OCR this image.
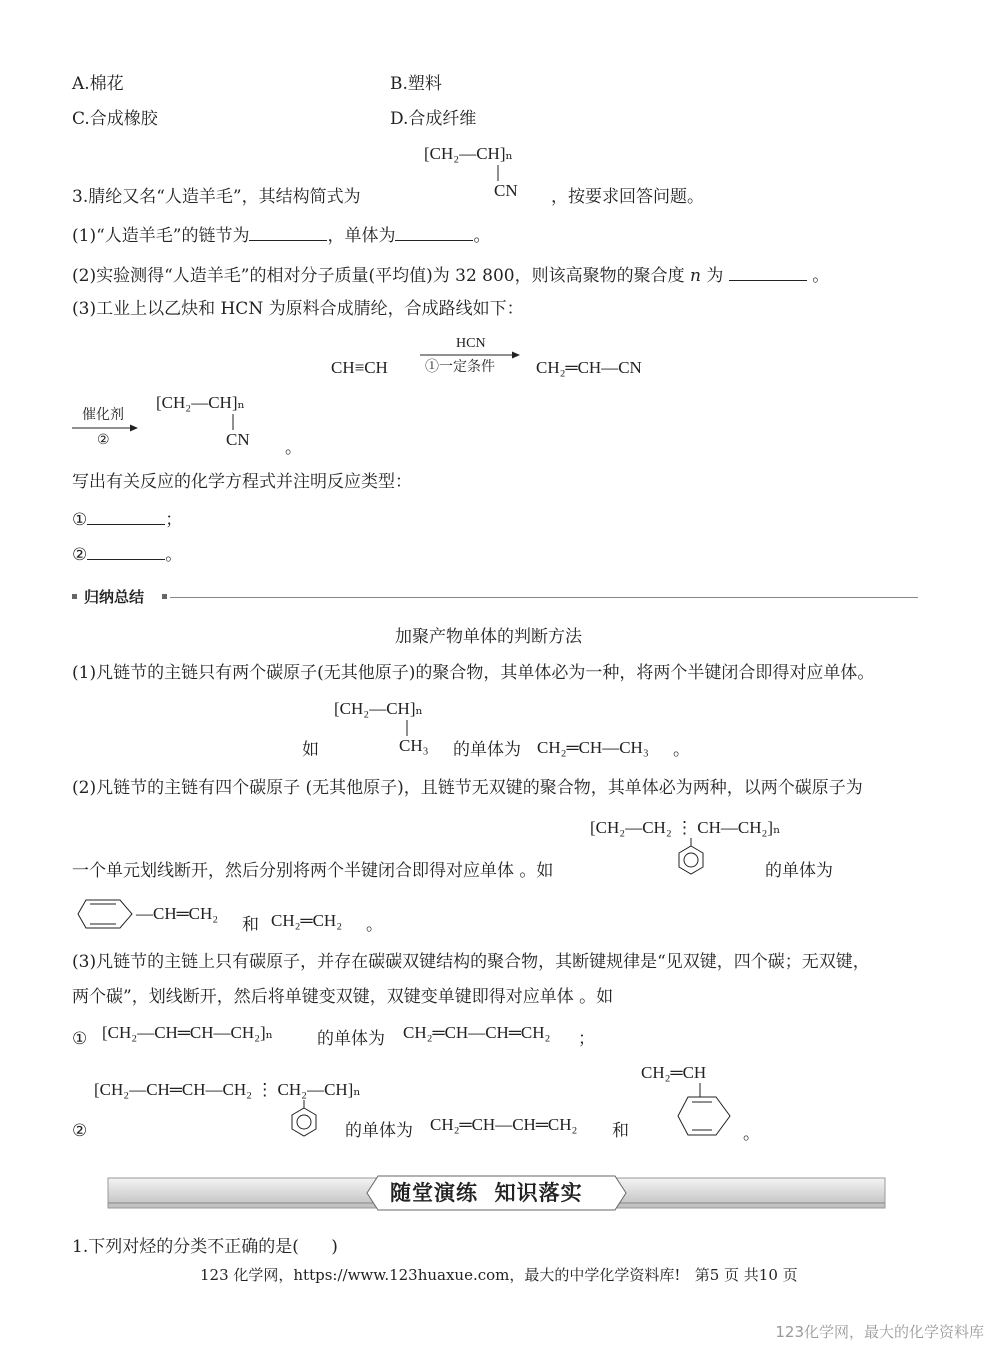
A.棉花	B.塑料
C.合成橡胶	D.合成纤维
[CH₂—CH]ₙ
CN
3.腈纶又名“人造羊毛”，其结构简式为	，按要求回答问题。
(1)“人造羊毛”的链节为	，单体为	。
(2)实验测得“人造羊毛”的相对分子质量(平均值)为 32 800，则该高聚物的聚合度 n 为	。
(3)工业上以乙炔和 HCN 为原料合成腈纶，合成路线如下：
CH≡CH
HCN
①一定条件 CH₂═CH—CN
催化剂
②
[CH₂—CH]ₙ
CN 。
写出有关反应的化学方程式并注明反应类型：
①	；
②	。
归纳总结
加聚产物单体的判断方法
(1)凡链节的主链只有两个碳原子(无其他原子)的聚合物，其单体必为一种，将两个半键闭合即得对应单体。
[CH₂—CH]ₙ
CH₃
如	的单体为 CH₂═CH—CH₃ 。
(2)凡链节的主链有四个碳原子 (无其他原子)，且链节无双键的聚合物，其单体必为两种，以两个碳原子为
[CH₂—CH₂ ⋮ CH—CH₂]ₙ
一个单元划线断开，然后分别将两个半键闭合即得对应单体 。如	的单体为
—CH═CH₂
和 CH₂═CH₂ 。
(3)凡链节的主链上只有碳原子，并存在碳碳双键结构的聚合物，其断键规律是“见双键，四个碳；无双键，
两个碳”，划线断开，然后将单键变双键，双键变单键即得对应单体 。如
① [CH₂—CH═CH—CH₂]ₙ	的单体为 CH₂═CH—CH═CH₂ ；
[CH₂—CH═CH—CH₂ ⋮ CH₂—CH]ₙ
②	的单体为 CH₂═CH—CH═CH₂ 和
CH₂═CH
。
随堂演练  知识落实
1.下列对烃的分类不正确的是(      )
123 化学网，https://www.123huaxue.com，最大的中学化学资料库!   第5 页 共10 页
123化学网，最大的化学资料库
